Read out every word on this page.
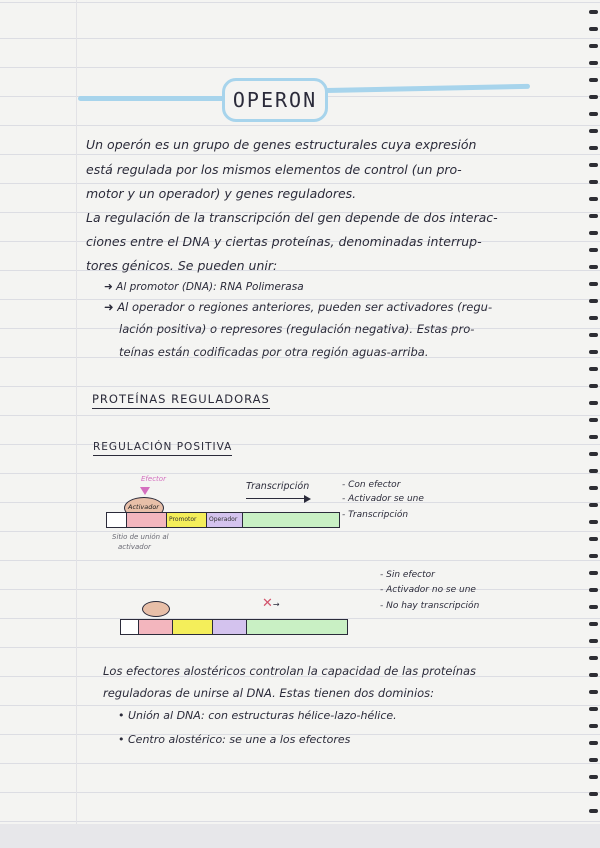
OPERON
Un operón es un grupo de genes estructurales cuya expresión
está regulada por los mismos elementos de control (un pro-
motor y un operador) y genes reguladores.
La regulación de la transcripción del gen depende de dos interac-
ciones entre el DNA y ciertas proteínas, denominadas interrup-
tores génicos. Se pueden unir:
➜ Al promotor (DNA): RNA Polimerasa
➜ Al operador o regiones anteriores, pueden ser activadores (regu-
lación positiva) o represores (regulación negativa). Estas pro-
teínas están codificadas por otra región aguas-arriba.
PROTEÍNAS REGULADORAS
REGULACIÓN POSITIVA
Efector
Activador
Transcripción
Promotor Operador
Sitio de unión al
activador
- Con efector
- Activador se une
- Transcripción
✕→
- Sin efector
- Activador no se une
- No hay transcripción
Los efectores alostéricos controlan la capacidad de las proteínas
reguladoras de unirse al DNA. Estas tienen dos dominios:
• Unión al DNA: con estructuras hélice-lazo-hélice.
• Centro alostérico: se une a los efectores
